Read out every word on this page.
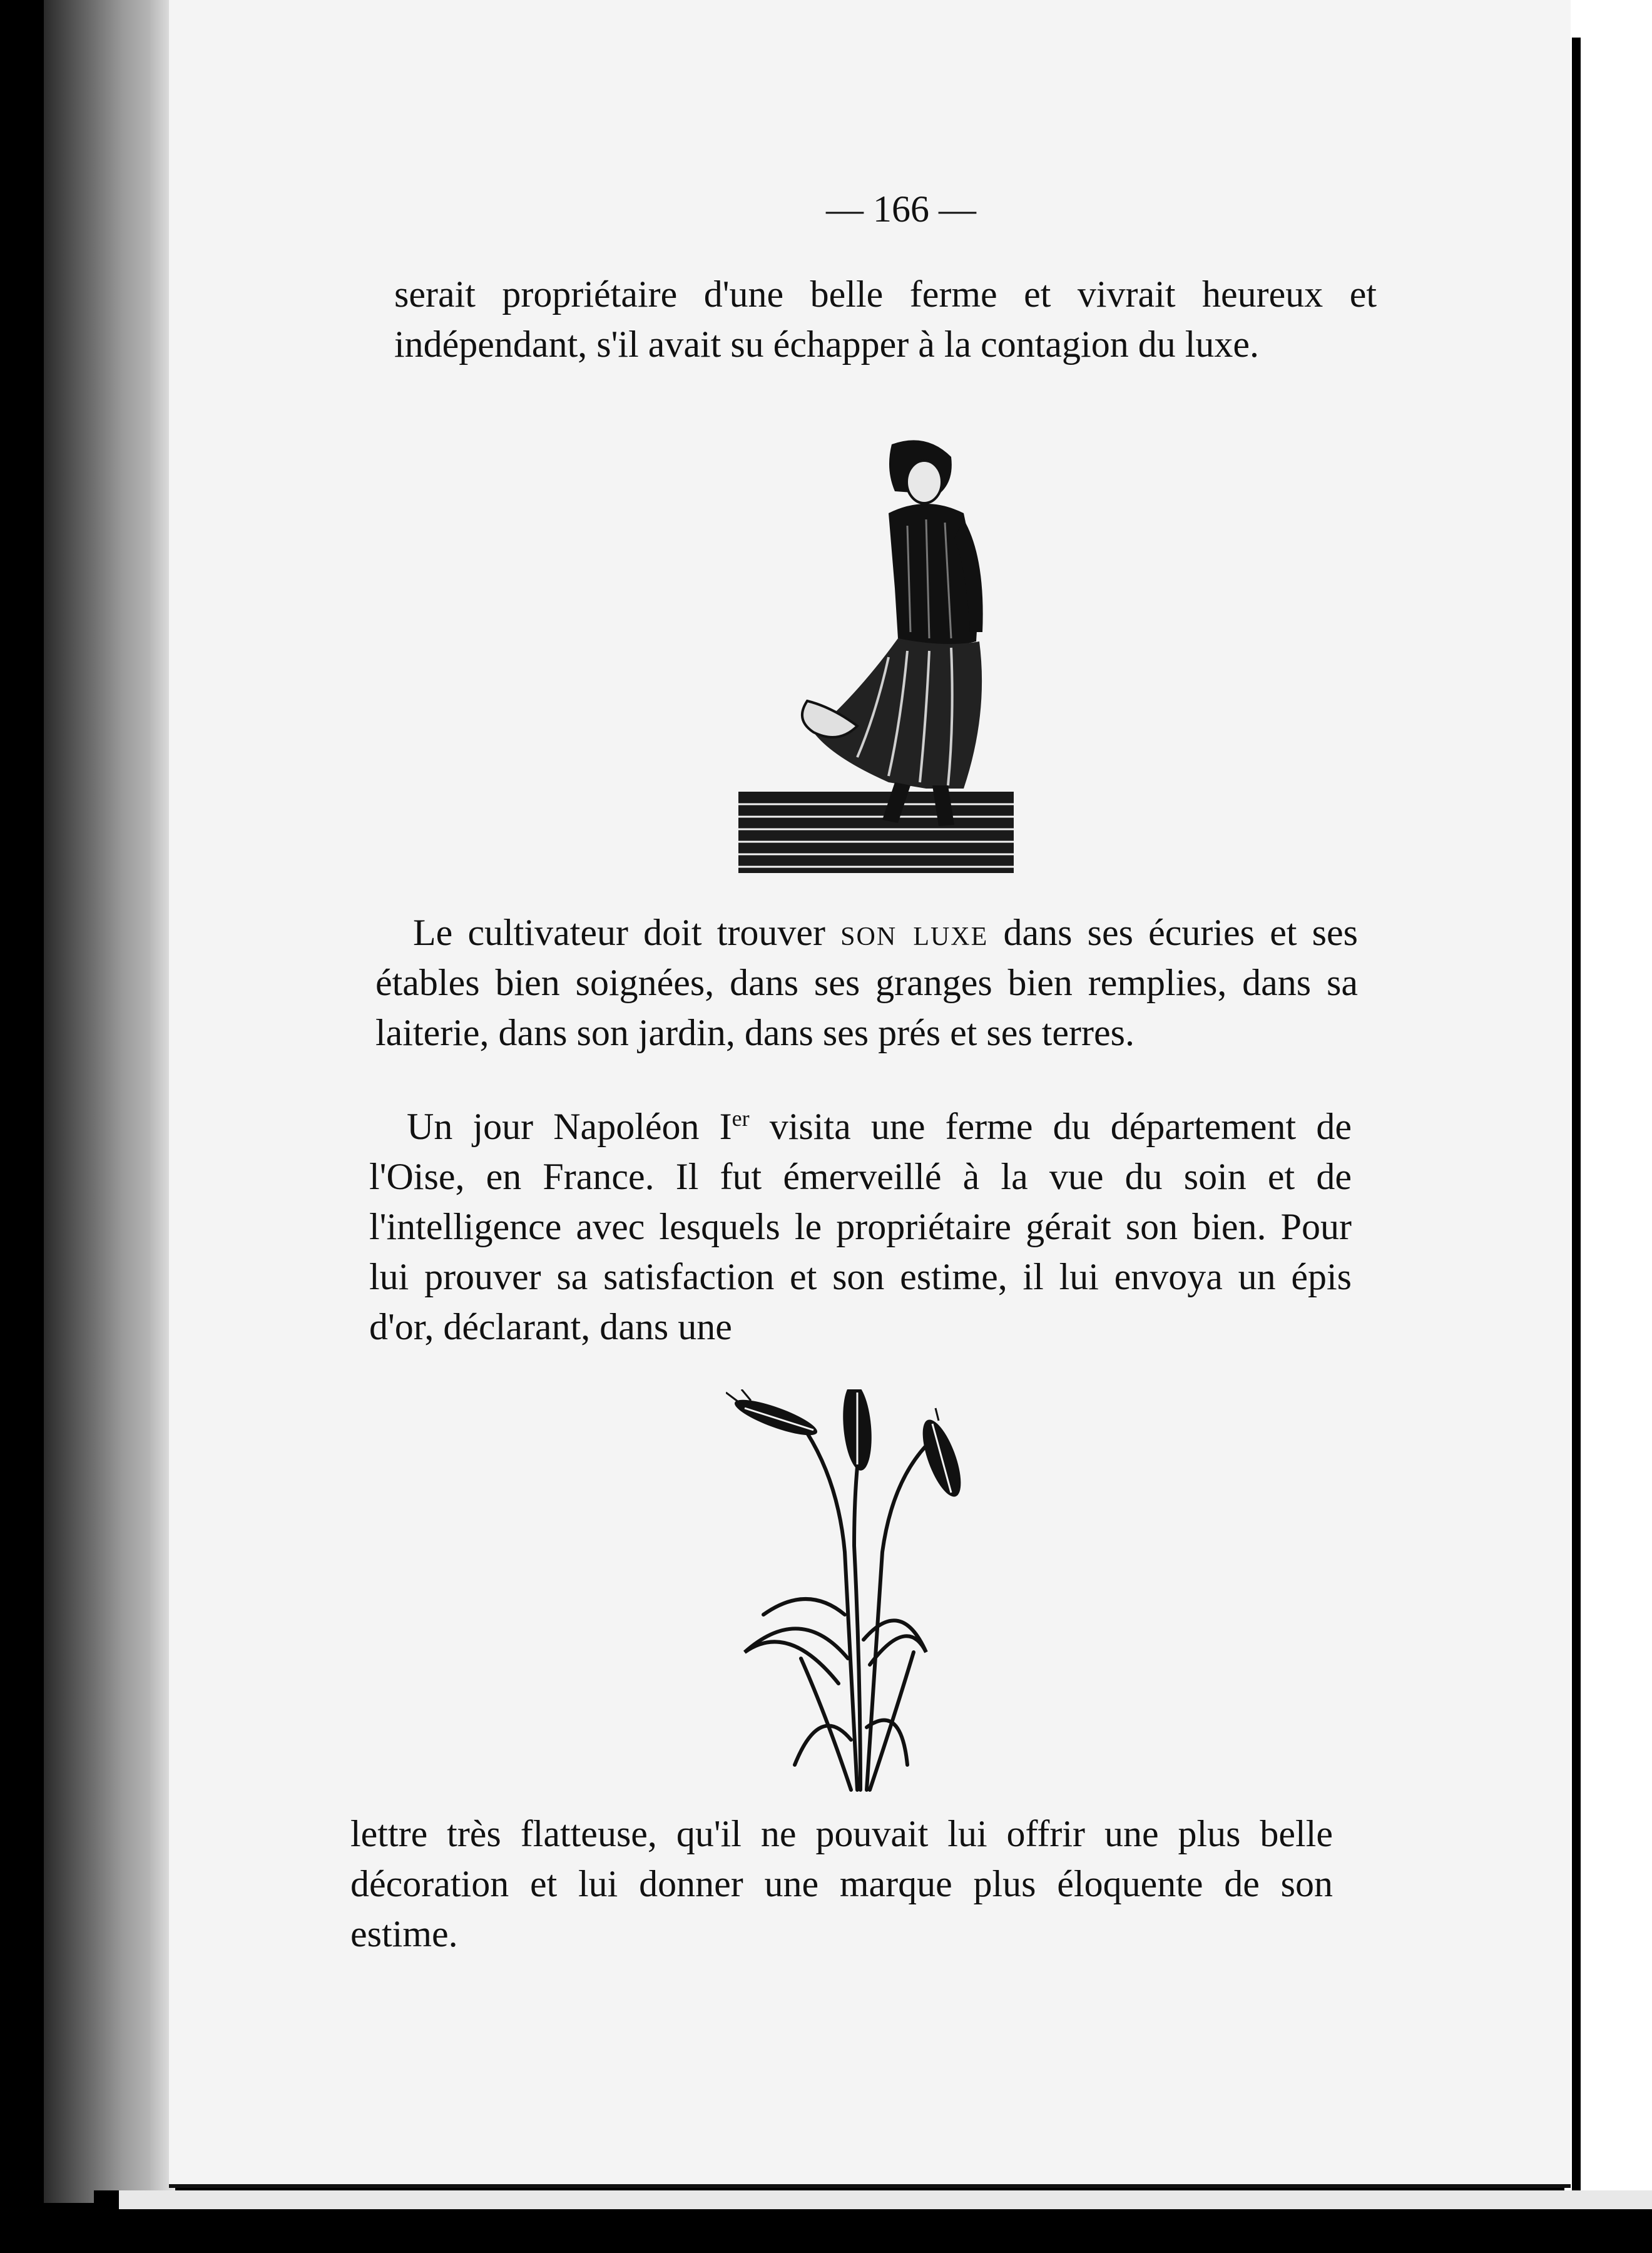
— 166 —

serait propriétaire d'une belle ferme et vivrait heureux et indépendant, s'il avait su échapper à la contagion du luxe.

Le cultivateur doit trouver son luxe dans ses écuries et ses étables bien soignées, dans ses granges bien remplies, dans sa laiterie, dans son jardin, dans ses prés et ses terres.

Un jour Napoléon Ier visita une ferme du département de l'Oise, en France. Il fut émerveillé à la vue du soin et de l'intelligence avec lesquels le propriétaire gérait son bien. Pour lui prouver sa satisfaction et son estime, il lui envoya un épis d'or, déclarant, dans une

lettre très flatteuse, qu'il ne pouvait lui offrir une plus belle décoration et lui donner une marque plus éloquente de son estime.
